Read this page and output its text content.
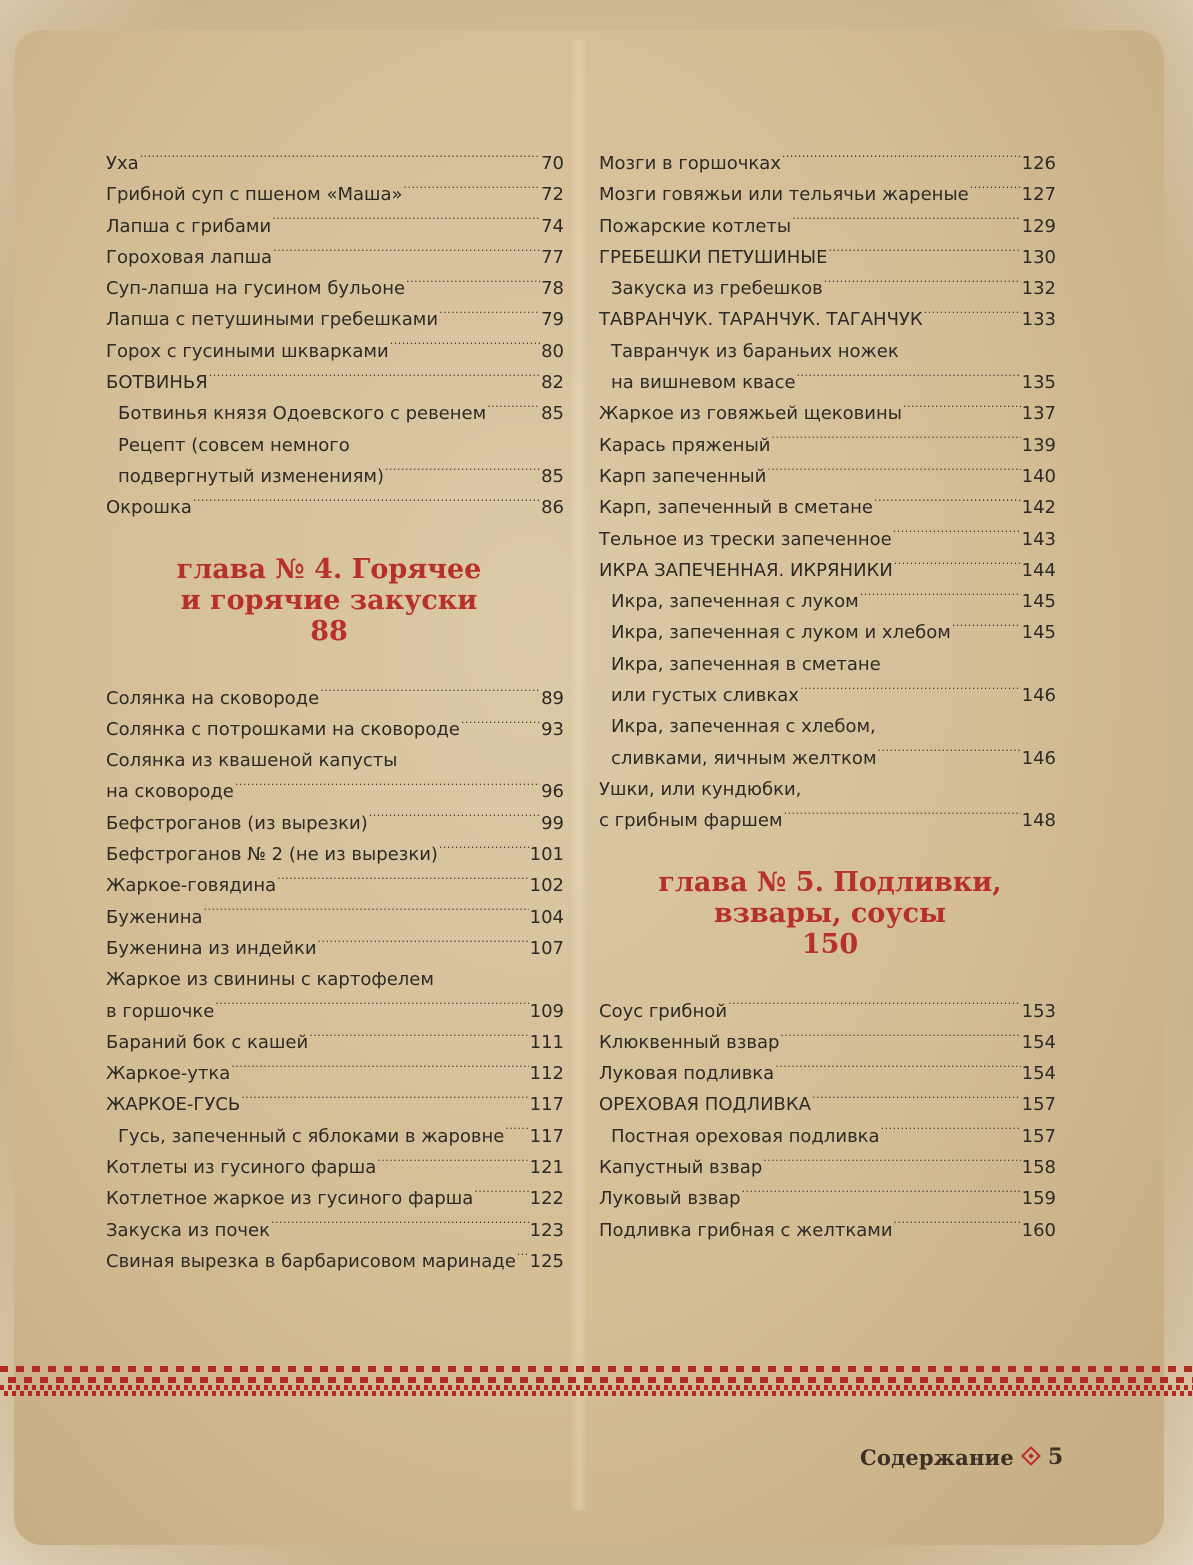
Уха .....	70
Грибной суп с пшеном «Маша» .....	72
Лапша с грибами .....	74
Гороховая лапша .....	77
Суп-лапша на гусином бульоне .....	78
Лапша с петушиными гребешками .....	79
Горох с гусиными шкварками .....	80
БОТВИНЬЯ .....	82
Ботвинья князя Одоевского с ревенем .....	85
Рецепт (совсем немного
подвергнутый изменениям) .....	85
Окрошка .....	86
глава № 4. Горячее
и горячие закуски
88
Солянка на сковороде .....	89
Солянка с потрошками на сковороде .....	93
Солянка из квашеной капусты
на сковороде .....	96
Бефстроганов (из вырезки) .....	99
Бефстроганов № 2 (не из вырезки) .....	101
Жаркое-говядина .....	102
Буженина .....	104
Буженина из индейки .....	107
Жаркое из свинины с картофелем
в горшочке .....	109
Бараний бок с кашей .....	111
Жаркое-утка .....	112
ЖАРКОЕ-ГУСЬ .....	117
Гусь, запеченный с яблоками в жаровне ..... 117
Котлеты из гусиного фарша .....	121
Котлетное жаркое из гусиного фарша .....	122
Закуска из почек .....	123
Свиная вырезка в барбарисовом маринаде ..... 125
Мозги в горшочках .....	126
Мозги говяжьи или тельячьи жареные .....	127
Пожарские котлеты .....	129
ГРЕБЕШКИ ПЕТУШИНЫЕ .....	130
Закуска из гребешков .....	132
ТАВРАНЧУК. ТАРАНЧУК. ТАГАНЧУК .....	133
Тавранчук из бараньих ножек
на вишневом квасе .....	135
Жаркое из говяжьей щековины .....	137
Карась пряженый .....	139
Карп запеченный .....	140
Карп, запеченный в сметане .....	142
Тельное из трески запеченное .....	143
ИКРА ЗАПЕЧЕННАЯ. ИКРЯНИКИ .....	144
Икра, запеченная с луком .....	145
Икра, запеченная с луком и хлебом .....	145
Икра, запеченная в сметане
или густых сливках .....	146
Икра, запеченная с хлебом,
сливками, яичным желтком .....	146
Ушки, или кундюбки,
с грибным фаршем .....	148
глава № 5. Подливки,
взвары, соусы
150
Соус грибной .....	153
Клюквенный взвар .....	154
Луковая подливка .....	154
ОРЕХОВАЯ ПОДЛИВКА .....	157
Постная ореховая подливка .....	157
Капустный взвар .....	158
Луковый взвар .....	159
Подливка грибная с желтками .....	160
Содержание 5
